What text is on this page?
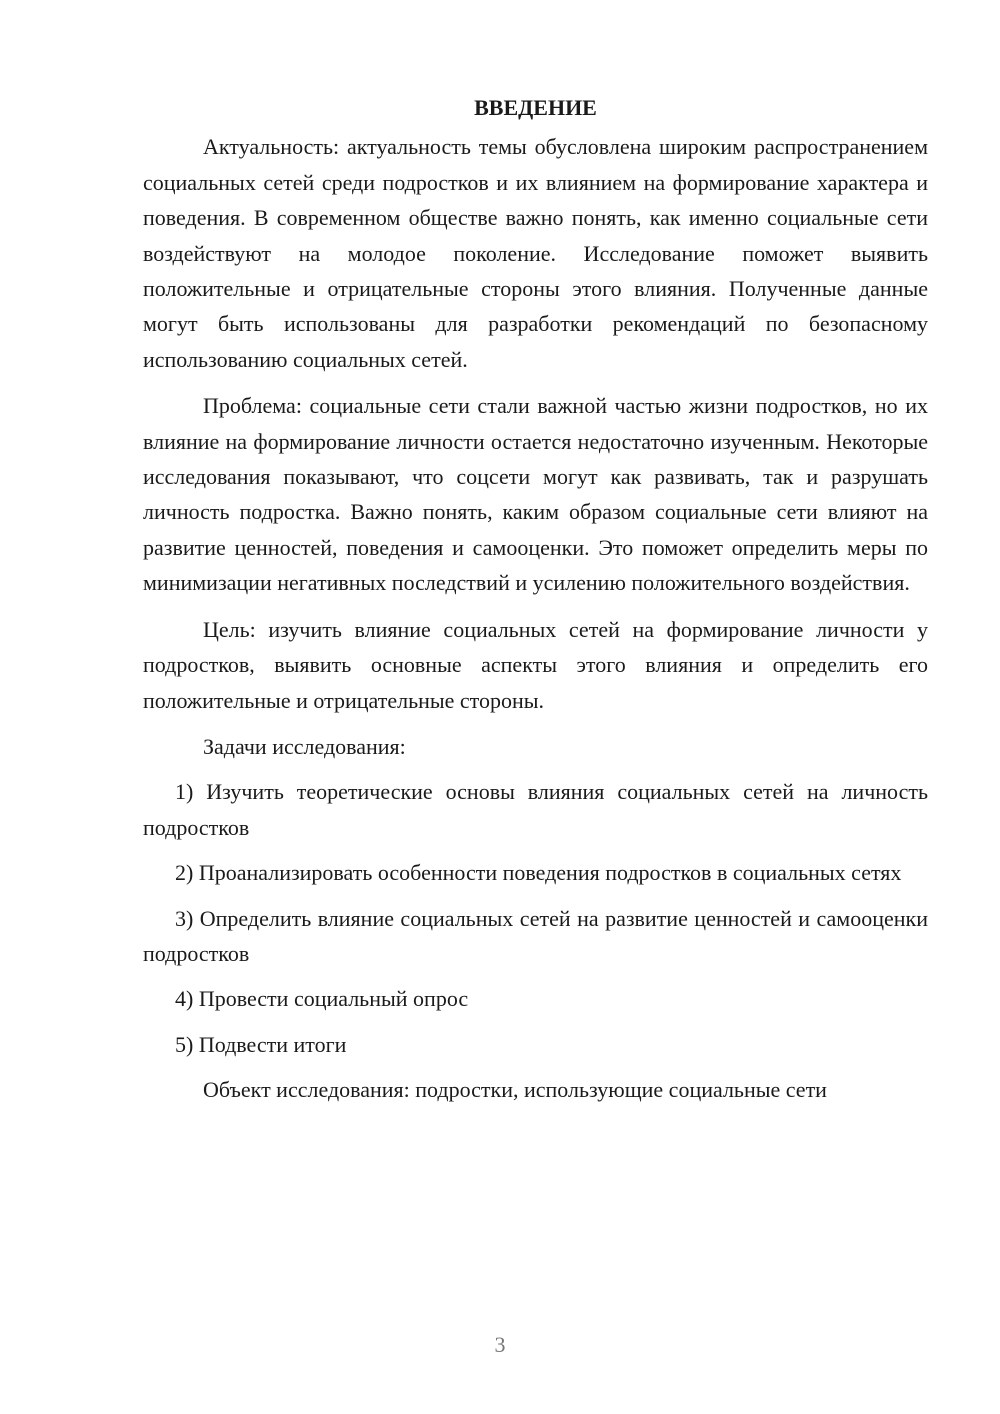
ВВЕДЕНИЕ

Актуальность: актуальность темы обусловлена широким распространением социальных сетей среди подростков и их влиянием на формирование характера и поведения. В современном обществе важно понять, как именно социальные сети воздействуют на молодое поколение. Исследование поможет выявить положительные и отрицательные стороны этого влияния. Полученные данные могут быть использованы для разработки рекомендаций по безопасному использованию социальных сетей.

Проблема: социальные сети стали важной частью жизни подростков, но их влияние на формирование личности остается недостаточно изученным. Некоторые исследования показывают, что соцсети могут как развивать, так и разрушать личность подростка. Важно понять, каким образом социальные сети влияют на развитие ценностей, поведения и самооценки. Это поможет определить меры по минимизации негативных последствий и усилению положительного воздействия.

Цель: изучить влияние социальных сетей на формирование личности у подростков, выявить основные аспекты этого влияния и определить его положительные и отрицательные стороны.

Задачи исследования:

1) Изучить теоретические основы влияния социальных сетей на личность подростков

2) Проанализировать особенности поведения подростков в социальных сетях

3) Определить влияние социальных сетей на развитие ценностей и самооценки подростков

4) Провести социальный опрос

5) Подвести итоги

Объект исследования: подростки, использующие социальные сети

3
